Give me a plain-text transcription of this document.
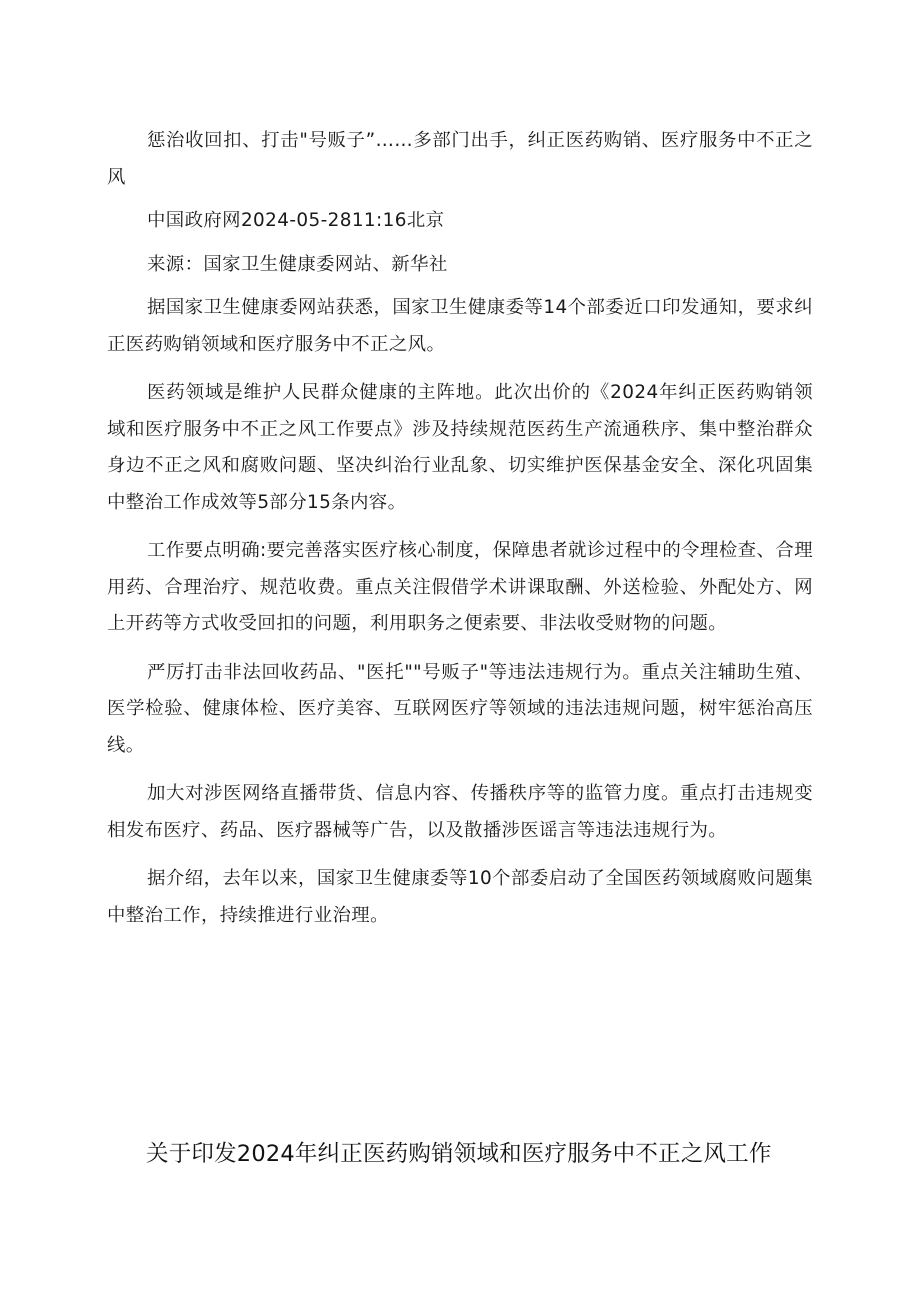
惩治收回扣、打击"号贩子”……多部门出手，纠正医药购销、医疗服务中不正之风

中国政府网2024-05-2811:16北京

来源：国家卫生健康委网站、新华社

据国家卫生健康委网站获悉，国家卫生健康委等14个部委近口印发通知，要求纠正医药购销领域和医疗服务中不正之风。

医药领域是维护人民群众健康的主阵地。此次出价的《2024年纠正医药购销领域和医疗服务中不正之风工作要点》涉及持续规范医药生产流通秩序、集中整治群众身边不正之风和腐败问题、坚决纠治行业乱象、切实维护医保基金安全、深化巩固集中整治工作成效等5部分15条内容。

工作要点明确:要完善落实医疗核心制度，保障患者就诊过程中的令理检查、合理用药、合理治疗、规范收费。重点关注假借学术讲课取酬、外送检验、外配处方、网上开药等方式收受回扣的问题，利用职务之便索要、非法收受财物的问题。

严厉打击非法回收药品、"医托""号贩子"等违法违规行为。重点关注辅助生殖、医学检验、健康体检、医疗美容、互联网医疗等领域的违法违规问题，树牢惩治高压线。

加大对涉医网络直播带货、信息内容、传播秩序等的监管力度。重点打击违规变相发布医疗、药品、医疗器械等广告，以及散播涉医谣言等违法违规行为。

据介绍，去年以来，国家卫生健康委等10个部委启动了全国医药领域腐败问题集中整治工作，持续推进行业治理。

关于印发2024年纠正医药购销领域和医疗服务中不正之风工作
